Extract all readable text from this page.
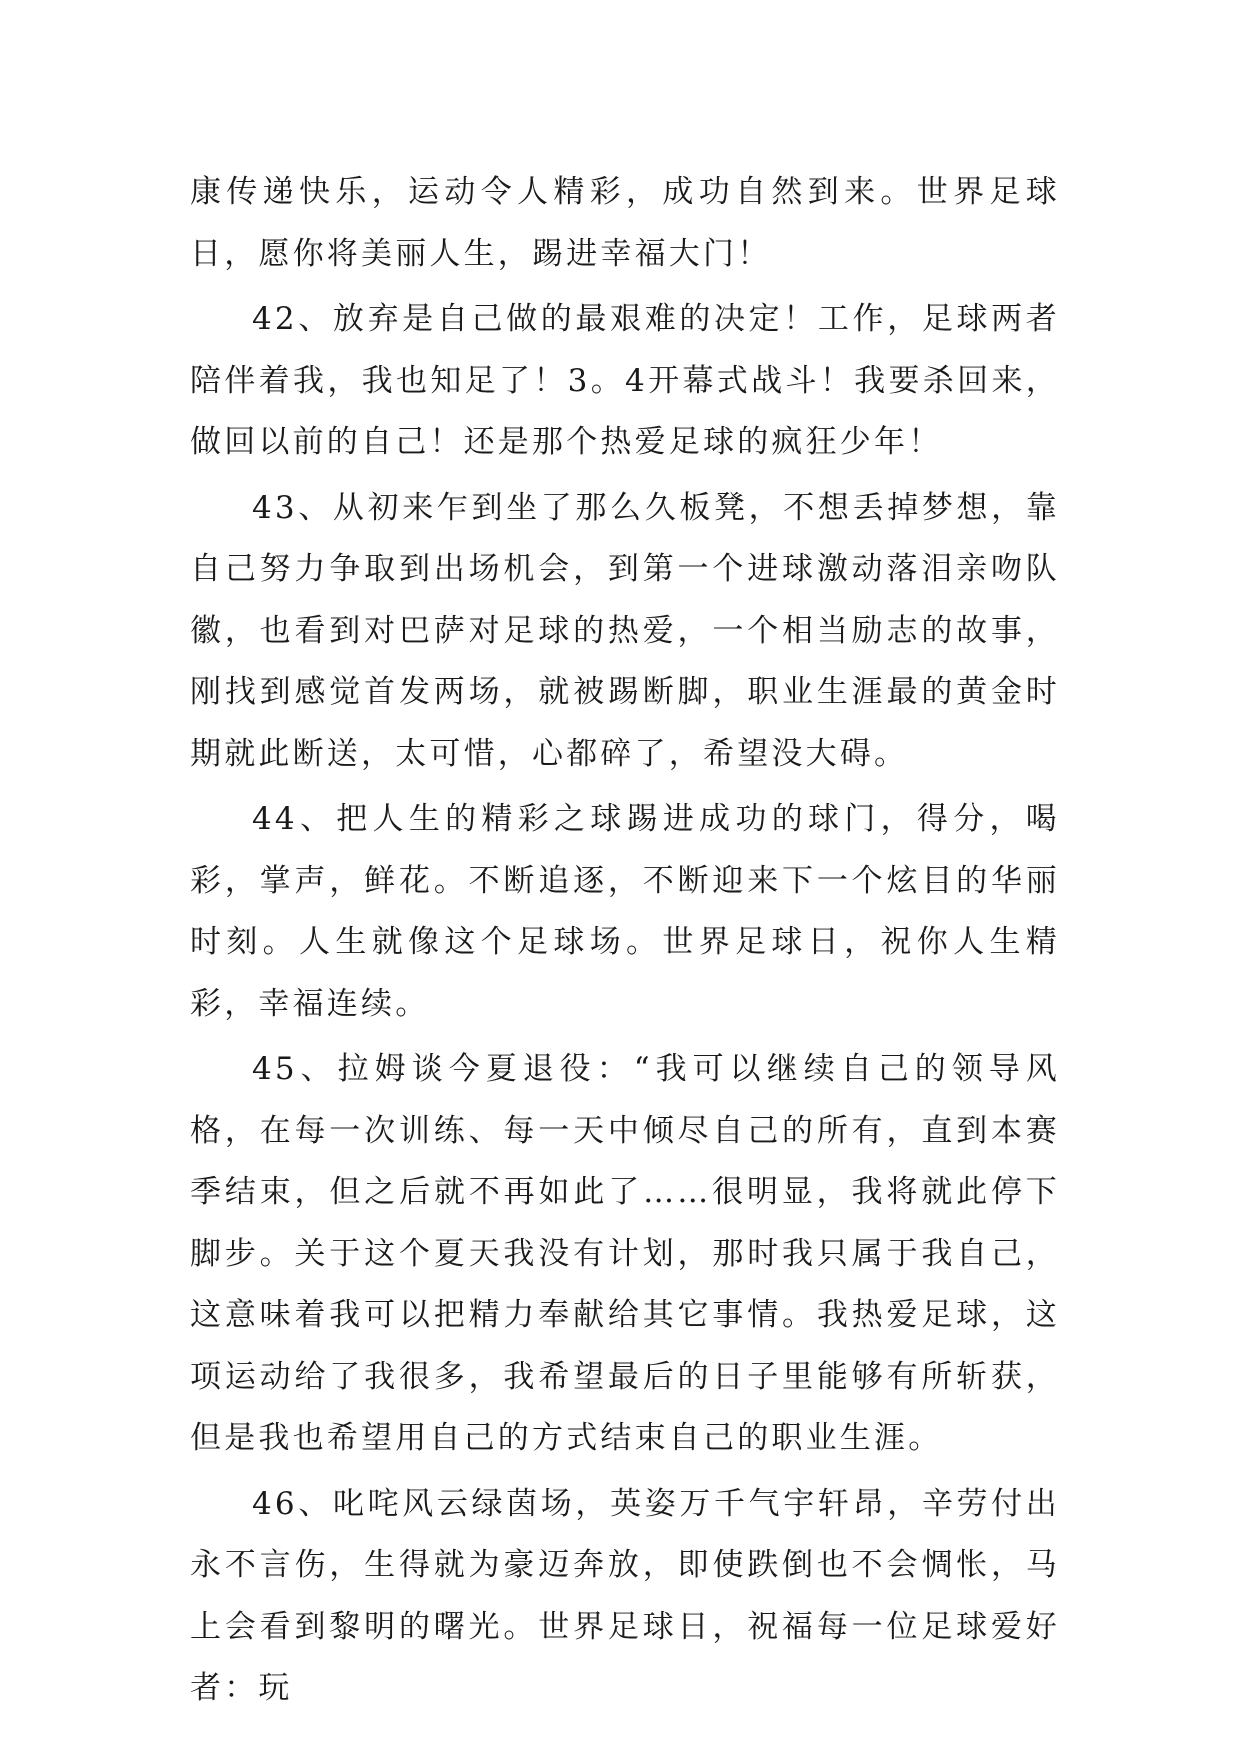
康传递快乐，运动令人精彩，成功自然到来。世界足球日，愿你将美丽人生，踢进幸福大门！

42、放弃是自己做的最艰难的决定！工作，足球两者陪伴着我，我也知足了！3。4开幕式战斗！我要杀回来，做回以前的自己！还是那个热爱足球的疯狂少年！

43、从初来乍到坐了那么久板凳，不想丢掉梦想，靠自己努力争取到出场机会，到第一个进球激动落泪亲吻队徽，也看到对巴萨对足球的热爱，一个相当励志的故事，刚找到感觉首发两场，就被踢断脚，职业生涯最的黄金时期就此断送，太可惜，心都碎了，希望没大碍。

44、把人生的精彩之球踢进成功的球门，得分，喝彩，掌声，鲜花。不断追逐，不断迎来下一个炫目的华丽时刻。人生就像这个足球场。世界足球日，祝你人生精彩，幸福连续。

45、拉姆谈今夏退役：“我可以继续自己的领导风格，在每一次训练、每一天中倾尽自己的所有，直到本赛季结束，但之后就不再如此了……很明显，我将就此停下脚步。关于这个夏天我没有计划，那时我只属于我自己，这意味着我可以把精力奉献给其它事情。我热爱足球，这项运动给了我很多，我希望最后的日子里能够有所斩获，但是我也希望用自己的方式结束自己的职业生涯。

46、叱咤风云绿茵场，英姿万千气宇轩昂，辛劳付出永不言伤，生得就为豪迈奔放，即使跌倒也不会惆怅，马上会看到黎明的曙光。世界足球日，祝福每一位足球爱好者：玩
